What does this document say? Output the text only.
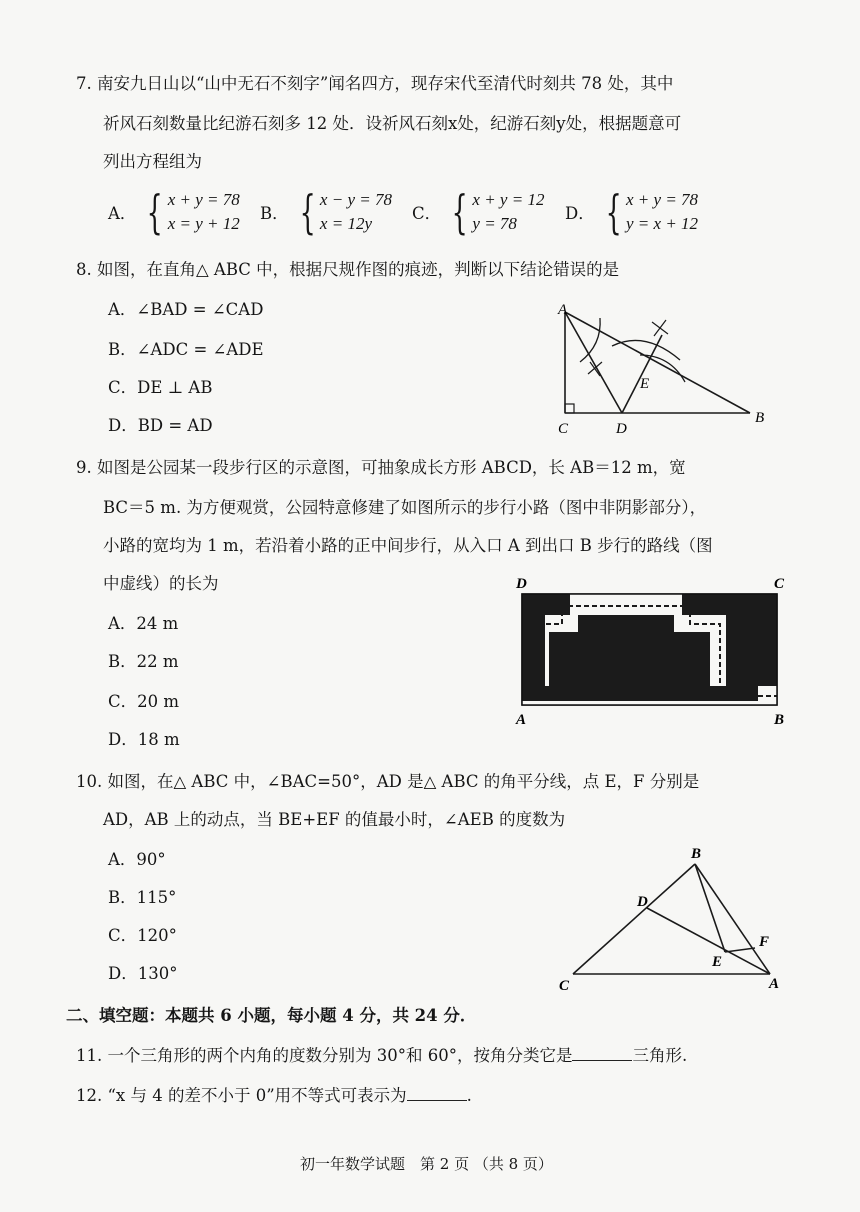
7. 南安九日山以“山中无石不刻字”闻名四方，现存宋代至清代时刻共 78 处，其中
祈风石刻数量比纪游石刻多 12 处．设祈风石刻x处，纪游石刻y处，根据题意可
列出方程组为
A． { x + y = 78
x = y + 12
B． { x − y = 78
x = 12y
C． { x + y = 12
y = 78
D． { x + y = 78
y = x + 12
8. 如图，在直角△ ABC 中，根据尺规作图的痕迹，判断以下结论错误的是
A．∠BAD = ∠CAD
B．∠ADC = ∠ADE
C．DE ⊥ AB
D．BD = AD
A
B
C	D
E
9. 如图是公园某一段步行区的示意图，可抽象成长方形 ABCD，长 AB＝12 m，宽
BC＝5 m. 为方便观赏，公园特意修建了如图所示的步行小路（图中非阴影部分），
小路的宽均为 1 m，若沿着小路的正中间步行，从入口 A 到出口 B 步行的路线（图
中虚线）的长为
A．24 m
B．22 m
C．20 m
D．18 m
D	C
A	B
10. 如图，在△ ABC 中，∠BAC=50°，AD 是△ ABC 的角平分线，点 E，F 分别是
AD，AB 上的动点，当 BE+EF 的值最小时，∠AEB 的度数为
A．90°
B．115°
C．120°
D．130°
B
D
F
E
C	A
二、填空题：本题共 6 小题，每小题 4 分，共 24 分．
11. 一个三角形的两个内角的度数分别为 30°和 60°，按角分类它是	三角形.
12. “x 与 4 的差不小于 0”用不等式可表示为	.
初一年数学试题　第 2 页 （共 8 页）
